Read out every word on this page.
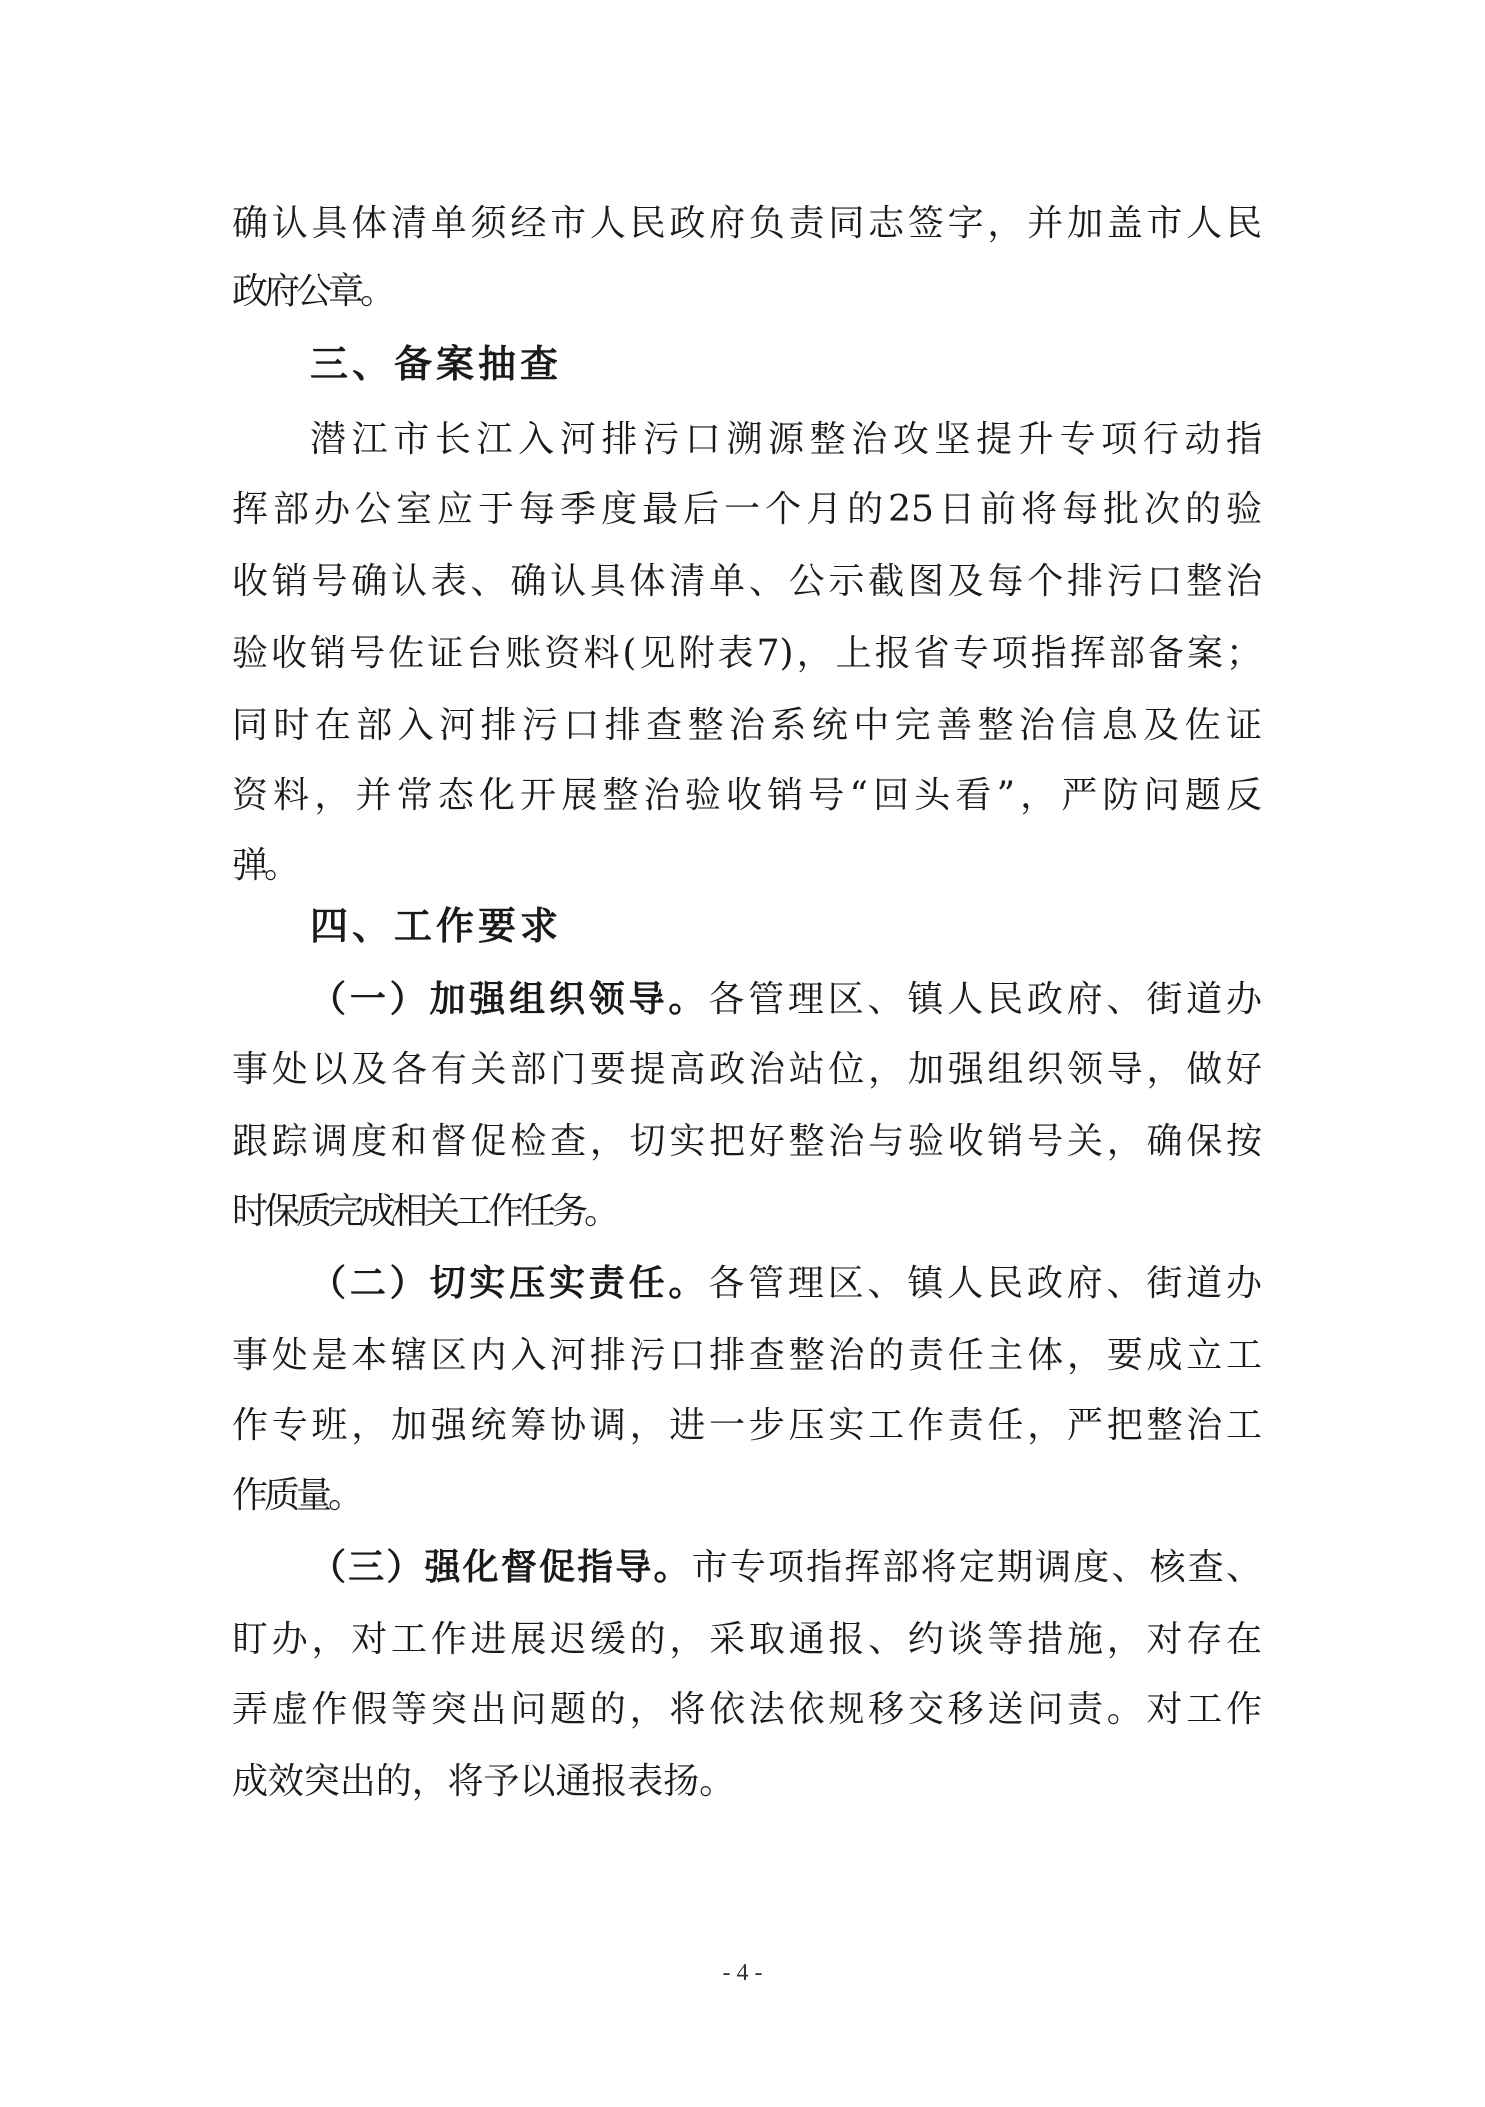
确认具体清单须经市人民政府负责同志签字，并加盖市人民
政府公章。
三、备案抽查
潜江市长江入河排污口溯源整治攻坚提升专项行动指
挥部办公室应于每季度最后一个月的25日前将每批次的验
收销号确认表、确认具体清单、公示截图及每个排污口整治
验收销号佐证台账资料(见附表7)，上报省专项指挥部备案；
同时在部入河排污口排查整治系统中完善整治信息及佐证
资料，并常态化开展整治验收销号“回头看”，严防问题反
弹。
四、工作要求
（一）加强组织领导。各管理区、镇人民政府、街道办
事处以及各有关部门要提高政治站位，加强组织领导，做好
跟踪调度和督促检查，切实把好整治与验收销号关，确保按
时保质完成相关工作任务。
（二）切实压实责任。各管理区、镇人民政府、街道办
事处是本辖区内入河排污口排查整治的责任主体，要成立工
作专班，加强统筹协调，进一步压实工作责任，严把整治工
作质量。
（三）强化督促指导。市专项指挥部将定期调度、核查、
盯办，对工作进展迟缓的，采取通报、约谈等措施，对存在
弄虚作假等突出问题的，将依法依规移交移送问责。对工作
成效突出的，将予以通报表扬。
- 4 -
